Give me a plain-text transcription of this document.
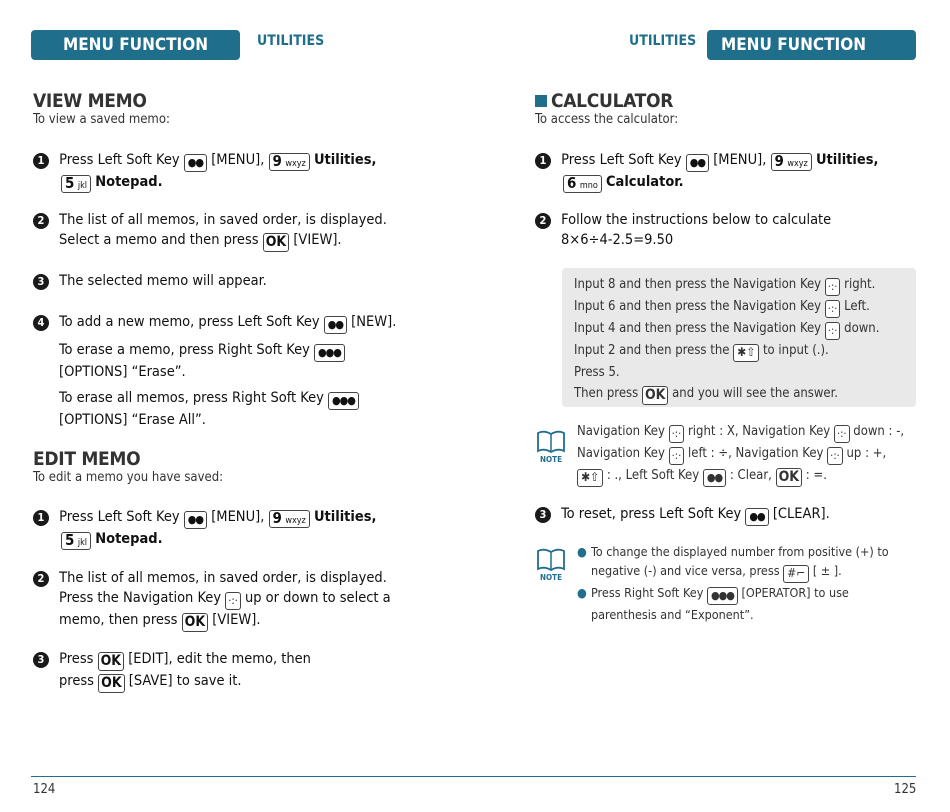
MENU FUNCTION	UTILITIES
VIEW MEMO
To view a saved memo:
1 Press Left Soft Key ●● [MENU], 9 wxyz Utilities,
5 jkl Notepad.
2 The list of all memos, in saved order, is displayed.
Select a memo and then press OK [VIEW].
3 The selected memo will appear.
4 To add a new memo, press Left Soft Key ●● [NEW].
To erase a memo, press Right Soft Key ●●●
[OPTIONS] “Erase”.
To erase all memos, press Right Soft Key ●●●
[OPTIONS] “Erase All”.
EDIT MEMO
To edit a memo you have saved:
1 Press Left Soft Key ●● [MENU], 9 wxyz Utilities,
5 jkl Notepad.
2 The list of all memos, in saved order, is displayed.
Press the Navigation Key ·:· up or down to select a
memo, then press OK [VIEW].
3 Press OK [EDIT], edit the memo, then
press OK [SAVE] to save it.
124
UTILITIES	MENU FUNCTION
CALCULATOR
To access the calculator:
1 Press Left Soft Key ●● [MENU], 9 wxyz Utilities,
6 mno Calculator.
2 Follow the instructions below to calculate
8×6÷4-2.5=9.50
Input 8 and then press the Navigation Key ·:· right.
Input 6 and then press the Navigation Key ·:· Left.
Input 4 and then press the Navigation Key ·:· down.
Input 2 and then press the ✱⇧ to input (.).
Press 5.
Then press OK and you will see the answer.
NOTE
Navigation Key ·:· right : X, Navigation Key ·:· down : -,
Navigation Key ·:· left : ÷, Navigation Key ·:· up : +,
✱⇧ : ., Left Soft Key ●● : Clear, OK : =.
3 To reset, press Left Soft Key ●● [CLEAR].
NOTE
● To change the displayed number from positive (+) to
negative (-) and vice versa, press #⌐ [ ± ].
● Press Right Soft Key ●●● [OPERATOR] to use
parenthesis and “Exponent”.
125
